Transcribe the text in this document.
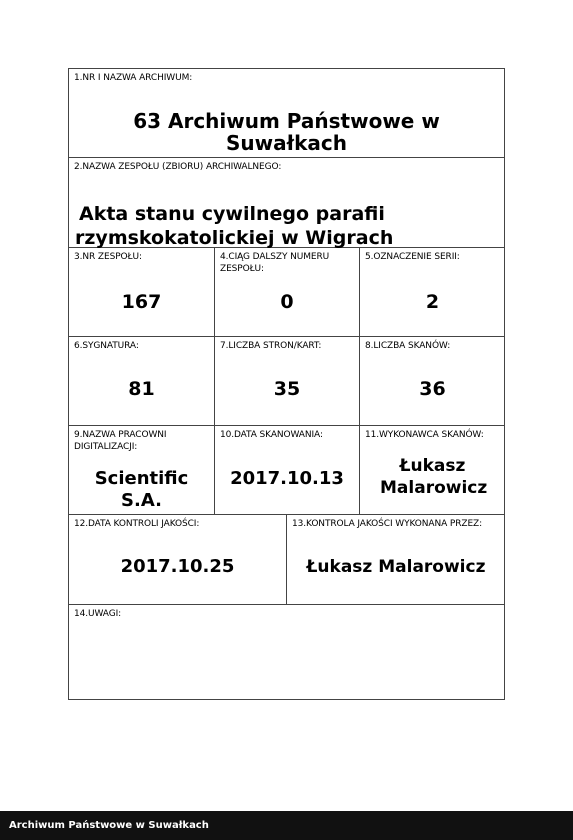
1.NR I NAZWA ARCHIWUM:
63 Archiwum Państwowe w Suwałkach
2.NAZWA ZESPOŁU (ZBIORU) ARCHIWALNEGO:
Akta stanu cywilnego parafii rzymskokatolickiej w Wigrach
3.NR ZESPOŁU:
167
4.CIĄG DALSZY NUMERU ZESPOŁU:
0
5.OZNACZENIE SERII:
2
6.SYGNATURA:
81
7.LICZBA STRON/KART:
35
8.LICZBA SKANÓW:
36
9.NAZWA PRACOWNI DIGITALIZACJI:
Scientific S.A.
10.DATA SKANOWANIA:
2017.10.13
11.WYKONAWCA SKANÓW:
Łukasz Malarowicz
12.DATA KONTROLI JAKOŚCI:
2017.10.25
13.KONTROLA JAKOŚCI WYKONANA PRZEZ:
Łukasz Malarowicz
14.UWAGI:
Archiwum Państwowe w Suwałkach
